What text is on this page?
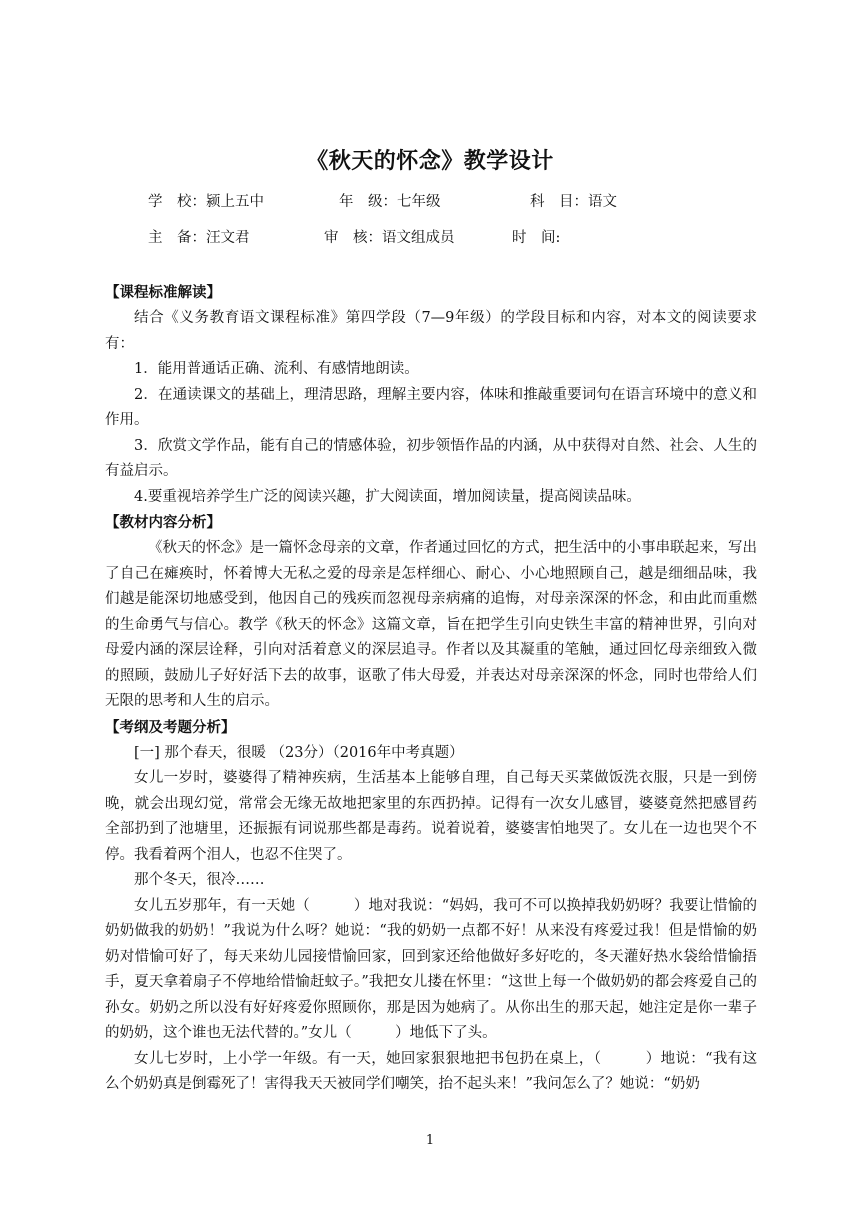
《秋天的怀念》教学设计
学　校：颍上五中	年　级：七年级	科　目：语文
主　备：汪文君	审　核：语文组成员	时　间:
【课程标准解读】

结合《义务教育语文课程标准》第四学段（7—9年级）的学段目标和内容，对本文的阅读要求有：

1．能用普通话正确、流利、有感情地朗读。

2．在通读课文的基础上，理清思路，理解主要内容，体味和推敲重要词句在语言环境中的意义和作用。

3．欣赏文学作品，能有自己的情感体验，初步领悟作品的内涵，从中获得对自然、社会、人生的有益启示。

4.要重视培养学生广泛的阅读兴趣，扩大阅读面，增加阅读量，提高阅读品味。

【教材内容分析】

《秋天的怀念》是一篇怀念母亲的文章，作者通过回忆的方式，把生活中的小事串联起来，写出了自己在瘫痪时，怀着博大无私之爱的母亲是怎样细心、耐心、小心地照顾自己，越是细细品味，我们越是能深切地感受到，他因自己的残疾而忽视母亲病痛的追悔，对母亲深深的怀念，和由此而重燃的生命勇气与信心。教学《秋天的怀念》这篇文章，旨在把学生引向史铁生丰富的精神世界，引向对母爱内涵的深层诠释，引向对活着意义的深层追寻。作者以及其凝重的笔触，通过回忆母亲细致入微的照顾，鼓励儿子好好活下去的故事，讴歌了伟大母爱，并表达对母亲深深的怀念，同时也带给人们无限的思考和人生的启示。

【考纲及考题分析】

[一] 那个春天，很暖 （23分）（2016年中考真题）

女儿一岁时，婆婆得了精神疾病，生活基本上能够自理，自己每天买菜做饭洗衣服，只是一到傍晚，就会出现幻觉，常常会无缘无故地把家里的东西扔掉。记得有一次女儿感冒，婆婆竟然把感冒药全部扔到了池塘里，还振振有词说那些都是毒药。说着说着，婆婆害怕地哭了。女儿在一边也哭个不停。我看着两个泪人，也忍不住哭了。

那个冬天，很冷……

女儿五岁那年，有一天她（　　　）地对我说：“妈妈，我可不可以换掉我奶奶呀？我要让惜愉的奶奶做我的奶奶！”我说为什么呀？她说：“我的奶奶一点都不好！从来没有疼爱过我！但是惜愉的奶奶对惜愉可好了，每天来幼儿园接惜愉回家，回到家还给他做好多好吃的，冬天灌好热水袋给惜愉捂手，夏天拿着扇子不停地给惜愉赶蚊子。”我把女儿搂在怀里：“这世上每一个做奶奶的都会疼爱自己的孙女。奶奶之所以没有好好疼爱你照顾你，那是因为她病了。从你出生的那天起，她注定是你一辈子的奶奶，这个谁也无法代替的。”女儿（　　　）地低下了头。

女儿七岁时，上小学一年级。有一天，她回家狠狠地把书包扔在桌上，（　　　）地说：“我有这么个奶奶真是倒霉死了！害得我天天被同学们嘲笑，抬不起头来！”我问怎么了？她说：“奶奶

1
